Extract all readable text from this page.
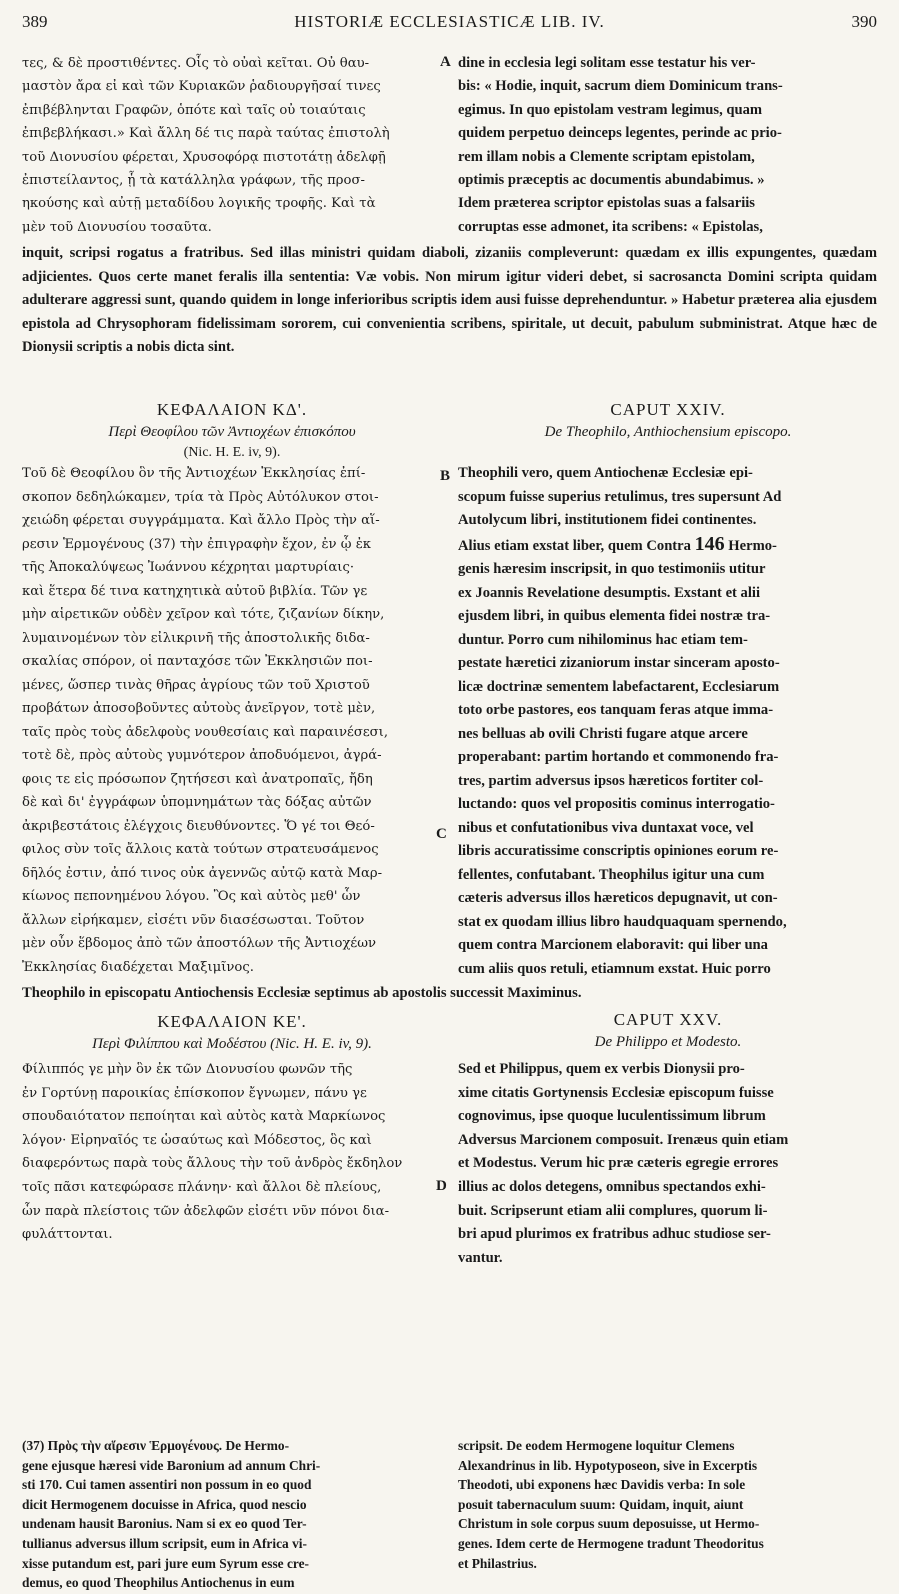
389	HISTORIÆ ECCLESIASTICÆ LIB. IV.	390
τες, & δὲ προστιθέντες. Οἷς τὸ οὐαὶ κεῖται. Οὐ θαυ-
μαστὸν ἄρα εἰ καὶ τῶν Κυριακῶν ῥαδιουργῆσαί τινες
ἐπιβέβληνται Γραφῶν, ὁπότε καὶ ταῖς οὐ τοιαύταις
ἐπιβεβλήκασι.» Καὶ ἄλλη δέ τις παρὰ ταύτας ἐπιστολὴ
τοῦ Διονυσίου φέρεται, Χρυσοφόρᾳ πιστοτάτῃ ἀδελφῇ
ἐπιστείλαντος, ᾗ τὰ κατάλληλα γράφων, τῆς προσ-
ηκούσης καὶ αὐτῇ μεταδίδου λογικῆς τροφῆς. Καὶ τὰ
μὲν τοῦ Διονυσίου τοσαῦτα.
A dine in ecclesia legi solitam esse testatur his ver-
bis: « Hodie, inquit, sacrum diem Dominicum trans-
egimus. In quo epistolam vestram legimus, quam
quidem perpetuo deinceps legentes, perinde ac prio-
rem illam nobis a Clemente scriptam epistolam,
optimis præceptis ac documentis abundabimus. »
Idem præterea scriptor epistolas suas a falsariis
corruptas esse admonet, ita scribens: « Epistolas,
inquit, scripsi rogatus a fratribus. Sed illas ministri quidam diaboli, zizaniis compleverunt: quædam ex illis expungentes, quædam adjicientes. Quos certe manet feralis illa sententia: Væ vobis. Non mirum igitur videri debet, si sacrosancta Domini scripta quidam adulterare aggressi sunt, quando quidem in longe inferioribus scriptis idem ausi fuisse deprehenduntur. » Habetur præterea alia ejusdem epistola ad Chrysophoram fidelissimam sororem, cui convenientia scribens, spiritale, ut decuit, pabulum subministrat. Atque hæc de Dionysii scriptis a nobis dicta sint.
ΚΕΦΑΛΑΙΟΝ ΚΔ'.
Περὶ Θεοφίλου τῶν Ἀντιοχέων ἐπισκόπου
(Nic. H. E. iv, 9).
CAPUT XXIV.
De Theophilo, Anthiochensium episcopo.
Τοῦ δὲ Θεοφίλου ὃν τῆς Ἀντιοχέων Ἐκκλησίας ἐπί-
σκοπον δεδηλώκαμεν, τρία τὰ Πρὸς Αὐτόλυκον στοι-
χειώδη φέρεται συγγράμματα. Καὶ ἄλλο Πρὸς τὴν αἵ-
ρεσιν Ἑρμογένους (37) τὴν ἐπιγραφὴν ἔχον, ἐν ᾧ ἐκ
τῆς Ἀποκαλύψεως Ἰωάννου κέχρηται μαρτυρίαις·
καὶ ἕτερα δέ τινα κατηχητικὰ αὐτοῦ βιβλία. Τῶν γε
μὴν αἱρετικῶν οὐδὲν χεῖρον καὶ τότε, ζιζανίων δίκην,
λυμαινομένων τὸν εἰλικρινῆ τῆς ἀποστολικῆς διδα-
σκαλίας σπόρον, οἱ πανταχόσε τῶν Ἐκκλησιῶν ποι-
μένες, ὥσπερ τινὰς θῆρας ἀγρίους τῶν τοῦ Χριστοῦ
προβάτων ἀποσοβοῦντες αὐτοὺς ἀνεῖργον, τοτὲ μὲν,
ταῖς πρὸς τοὺς ἀδελφοὺς νουθεσίαις καὶ παραινέσεσι,
τοτὲ δὲ, πρὸς αὐτοὺς γυμνότερον ἀποδυόμενοι, ἀγρά-
φοις τε εἰς πρόσωπον ζητήσεσι καὶ ἀνατροπαῖς, ἤδη
δὲ καὶ δι' ἐγγράφων ὑπομνημάτων τὰς δόξας αὐτῶν
ἀκριβεστάτοις ἐλέγχοις διευθύνοντες. Ὅ γέ τοι Θεό-
φιλος σὺν τοῖς ἄλλοις κατὰ τούτων στρατευσάμενος
δῆλός ἐστιν, ἀπό τινος οὐκ ἀγεννῶς αὐτῷ κατὰ Μαρ-
κίωνος πεπονημένου λόγου. Ὃς καὶ αὐτὸς μεθ' ὧν
ἄλλων εἰρήκαμεν, εἰσέτι νῦν διασέσωσται. Τοῦτον
μὲν οὖν ἕβδομος ἀπὸ τῶν ἀποστόλων τῆς Ἀντιοχέων
Ἐκκλησίας διαδέχεται Μαξιμῖνος.
B
C
Theophili vero, quem Antiochenæ Ecclesiæ epi-
scopum fuisse superius retulimus, tres supersunt Ad
Autolycum libri, institutionem fidei continentes.
Alius etiam exstat liber, quem Contra 146 Hermo-
genis hæresim inscripsit, in quo testimoniis utitur
ex Joannis Revelatione desumptis. Exstant et alii
ejusdem libri, in quibus elementa fidei nostræ tra-
duntur. Porro cum nihilominus hac etiam tem-
pestate hæretici zizaniorum instar sinceram aposto-
licæ doctrinæ sementem labefactarent, Ecclesiarum
toto orbe pastores, eos tanquam feras atque imma-
nes belluas ab ovili Christi fugare atque arcere
properabant: partim hortando et commonendo fra-
tres, partim adversus ipsos hæreticos fortiter col-
luctando: quos vel propositis cominus interrogatio-
nibus et confutationibus viva duntaxat voce, vel
libris accuratissime conscriptis opiniones eorum re-
fellentes, confutabant. Theophilus igitur una cum
cæteris adversus illos hæreticos depugnavit, ut con-
stat ex quodam illius libro haudquaquam spernendo,
quem contra Marcionem elaboravit: qui liber una
cum aliis quos retuli, etiamnum exstat. Huic porro
Theophilo in episcopatu Antiochensis Ecclesiæ septimus ab apostolis successit Maximinus.
ΚΕΦΑΛΑΙΟΝ ΚΕ'.
Περὶ Φιλίππου καὶ Μοδέστου (Nic. H. E. iv, 9).
CAPUT XXV.
De Philippo et Modesto.
Φίλιππός γε μὴν ὃν ἐκ τῶν Διονυσίου φωνῶν τῆς
ἐν Γορτύνῃ παροικίας ἐπίσκοπον ἔγνωμεν, πάνυ γε
σπουδαιότατον πεποίηται καὶ αὐτὸς κατὰ Μαρκίωνος
λόγον· Εἰρηναῖός τε ὡσαύτως καὶ Μόδεστος, ὃς καὶ
διαφερόντως παρὰ τοὺς ἄλλους τὴν τοῦ ἀνδρὸς ἔκδηλον
τοῖς πᾶσι κατεφώρασε πλάνην· καὶ ἄλλοι δὲ πλείους,
ὧν παρὰ πλείστοις τῶν ἀδελφῶν εἰσέτι νῦν πόνοι δια-
φυλάττονται.
D
Sed et Philippus, quem ex verbis Dionysii pro-
xime citatis Gortynensis Ecclesiæ episcopum fuisse
cognovimus, ipse quoque luculentissimum librum
Adversus Marcionem composuit. Irenæus quin etiam
et Modestus. Verum hic præ cæteris egregie errores
illius ac dolos detegens, omnibus spectandos exhi-
buit. Scripserunt etiam alii complures, quorum li-
bri apud plurimos ex fratribus adhuc studiose ser-
vantur.
(37) Πρὸς τὴν αἵρεσιν Ἑρμογένους. De Hermo-
gene ejusque hæresi vide Baronium ad annum Chri-
sti 170. Cui tamen assentiri non possum in eo quod
dicit Hermogenem docuisse in Africa, quod nescio
undenam hausit Baronius. Nam si ex eo quod Ter-
tullianus adversus illum scripsit, eum in Africa vi-
xisse putandum est, pari jure eum Syrum esse cre-
demus, eo quod Theophilus Antiochenus in eum
scripsit. De eodem Hermogene loquitur Clemens
Alexandrinus in lib. Hypotyposeon, sive in Excerptis
Theodoti, ubi exponens hæc Davidis verba: In sole
posuit tabernaculum suum: Quidam, inquit, aiunt
Christum in sole corpus suum deposuisse, ut Hermo-
genes. Idem certe de Hermogene tradunt Theodoritus
et Philastrius.
